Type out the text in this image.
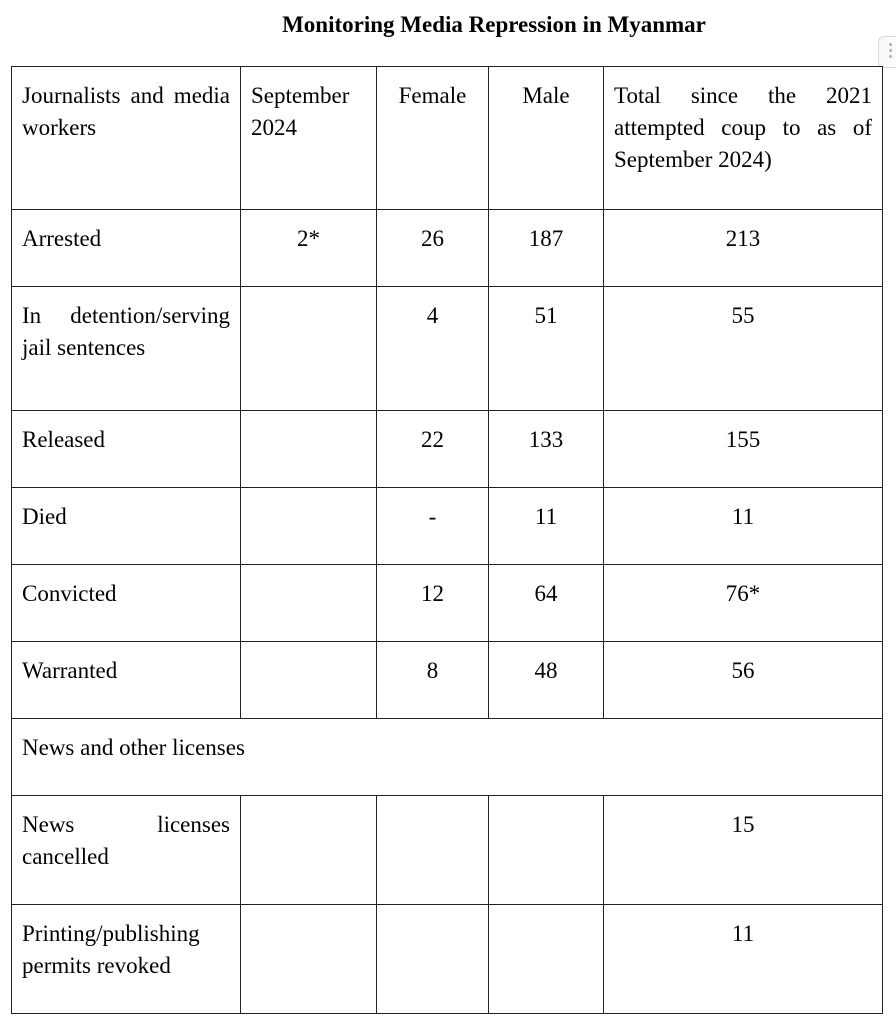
Monitoring Media Repression in Myanmar
Journalists and media workers	September 2024	Female	Male	Total since the 2021 attempted coup to as of September 2024)
Arrested	2*	26	187	213
In detention/serving jail sentences		4	51	55
Released		22	133	155
Died		-	11	11
Convicted		12	64	76*
Warranted		8	48	56
News and other licenses				
News licenses cancelled				15
Printing/publishing permits revoked				11
